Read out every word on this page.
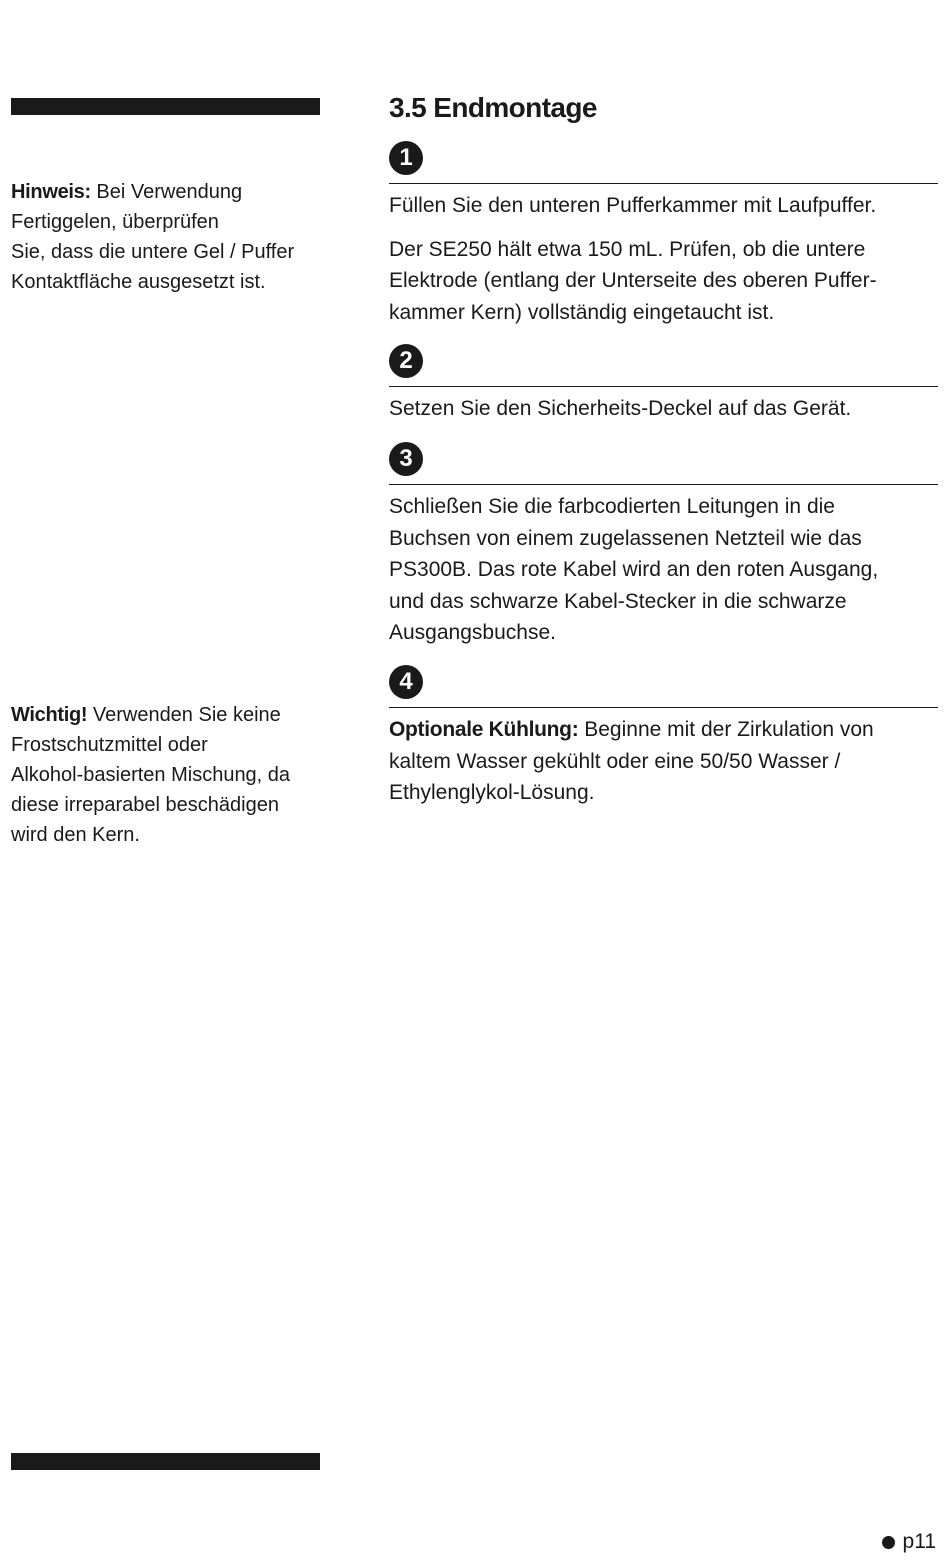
Hinweis: Bei Verwendung
Fertiggelen, überprüfen
Sie, dass die untere Gel / Puffer
Kontaktfläche ausgesetzt ist.
Wichtig! Verwenden Sie keine
Frostschutzmittel oder
Alkohol-basierten Mischung, da
diese irreparabel beschädigen
wird den Kern.
3.5 Endmontage
1

Füllen Sie den unteren Pufferkammer mit Laufpuffer.

Der SE250 hält etwa 150 mL. Prüfen, ob die untere
Elektrode (entlang der Unterseite des oberen Puffer-
kammer Kern) vollständig eingetaucht ist.

2

Setzen Sie den Sicherheits-Deckel auf das Gerät.

3

Schließen Sie die farbcodierten Leitungen in die
Buchsen von einem zugelassenen Netzteil wie das
PS300B. Das rote Kabel wird an den roten Ausgang,
und das schwarze Kabel-Stecker in die schwarze
Ausgangsbuchse.

4

Optionale Kühlung: Beginne mit der Zirkulation von
kaltem Wasser gekühlt oder eine 50/50 Wasser /
Ethylenglykol-Lösung.

p11
